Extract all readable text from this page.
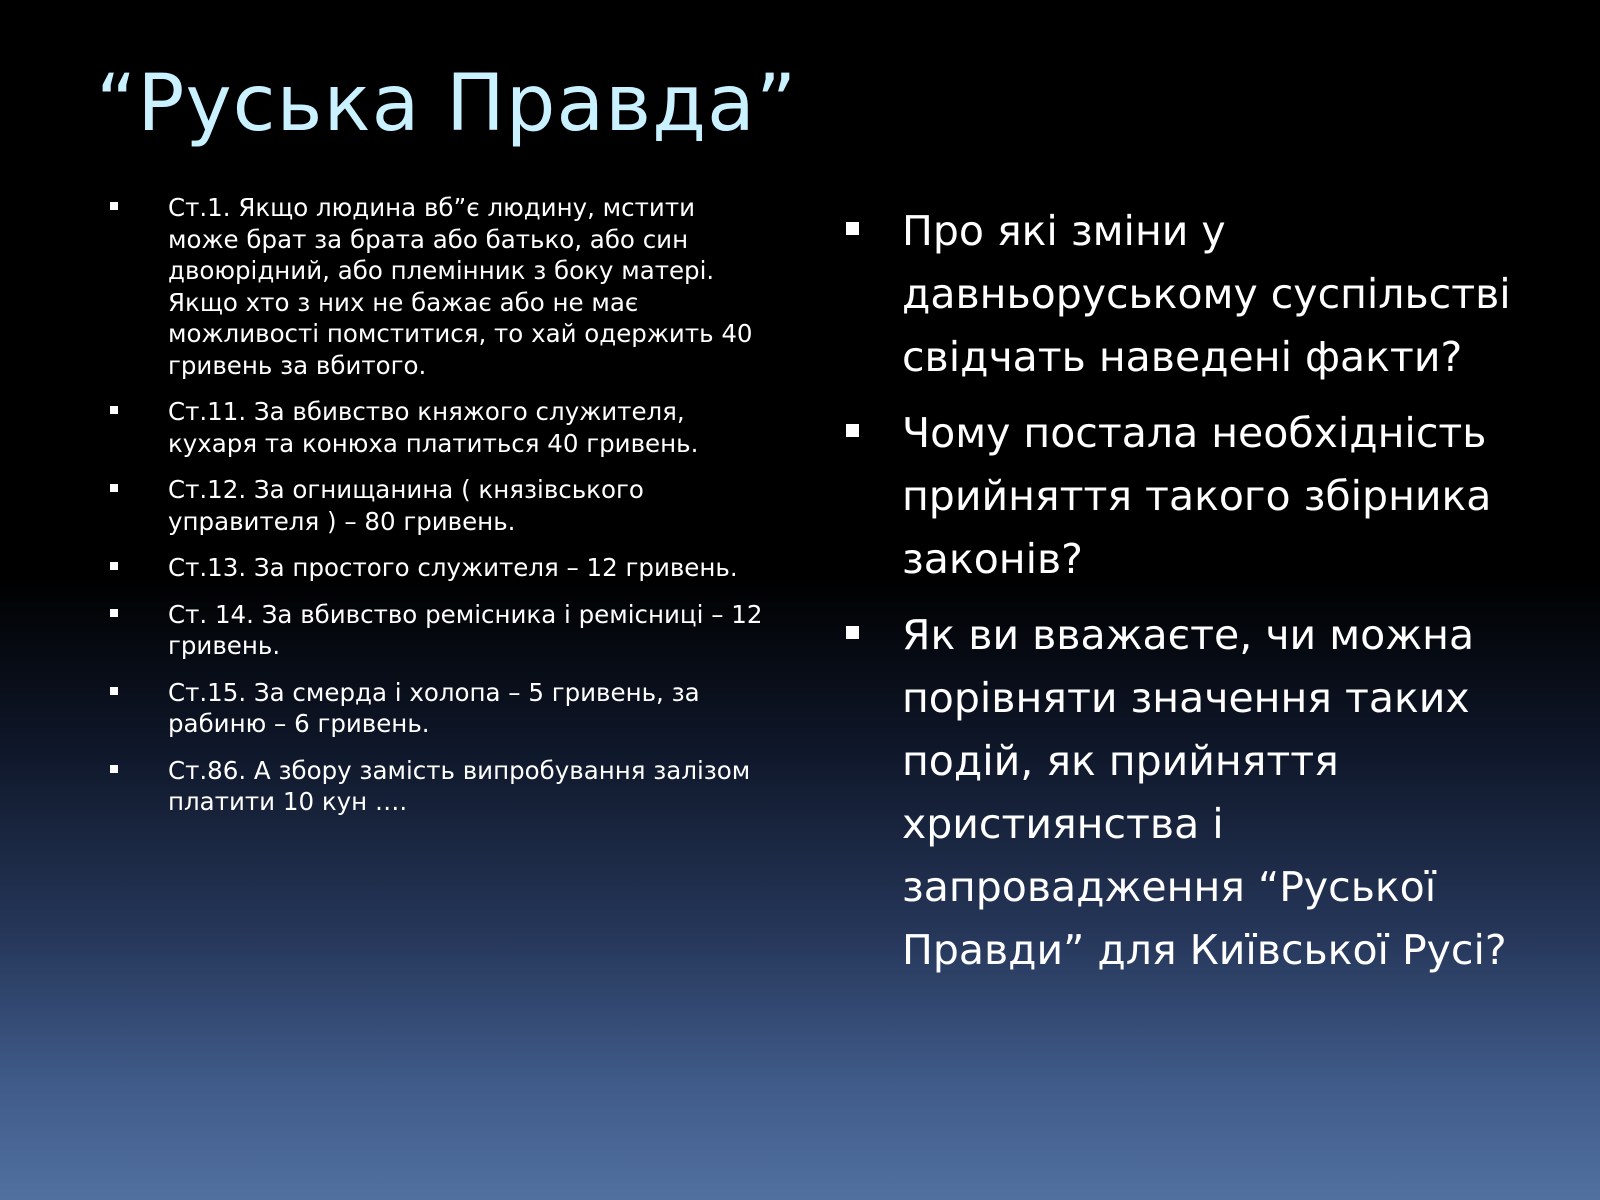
“Руська Правда”
Ст.1. Якщо людина вб”є людину, мстити може брат за брата або батько, або син двоюрідний, або племінник з боку матері. Якщо хто з них не бажає або не має можливості помститися, то хай одержить 40 гривень за вбитого.
Ст.11. За вбивство княжого служителя, кухаря та конюха платиться 40 гривень.
Ст.12. За огнищанина ( князівського управителя ) – 80 гривень.
Ст.13. За простого служителя – 12 гривень.
Ст. 14. За вбивство ремісника і ремісниці – 12 гривень.
Ст.15. За смерда і холопа – 5 гривень, за рабиню – 6 гривень.
Ст.86. А збору замість випробування залізом платити 10 кун ….
Про які зміни у давньоруському суспільстві свідчать наведені факти?
Чому постала необхідність прийняття такого збірника законів?
Як ви вважаєте, чи можна порівняти значення таких подій, як прийняття християнства і запровадження “Руської Правди” для Київської Русі?
